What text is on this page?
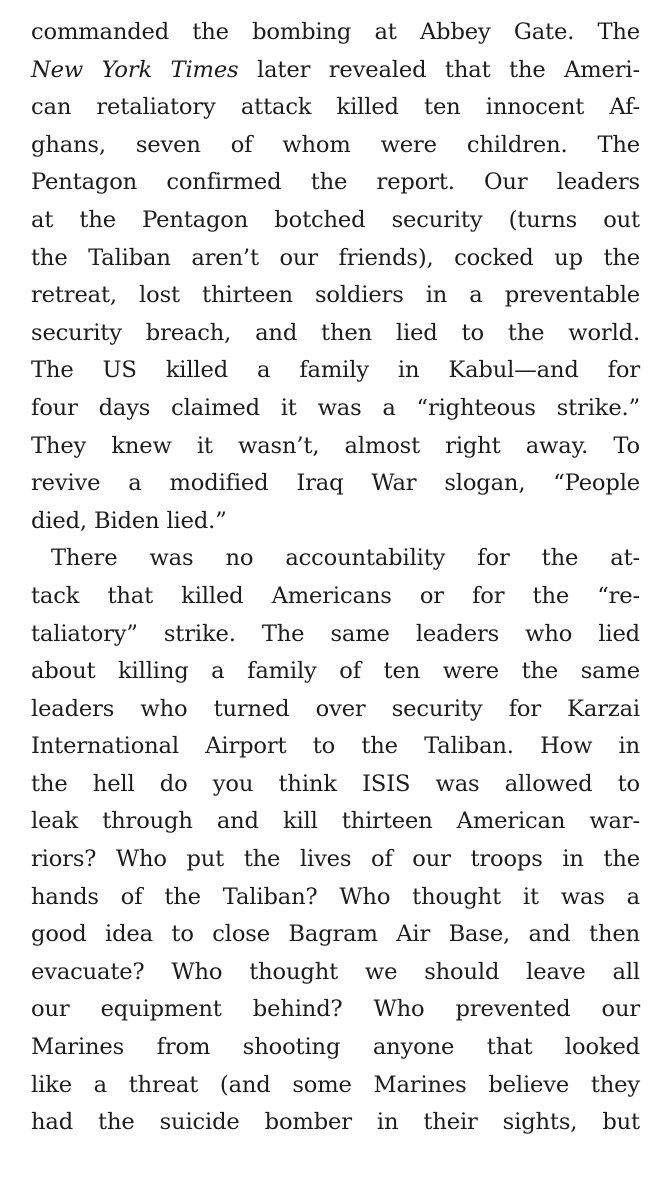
commanded the bombing at Abbey Gate. The
New York Times later revealed that the Ameri-
can retaliatory attack killed ten innocent Af-
ghans, seven of whom were children. The
Pentagon confirmed the report. Our leaders
at the Pentagon botched security (turns out
the Taliban aren’t our friends), cocked up the
retreat, lost thirteen soldiers in a preventable
security breach, and then lied to the world.
The US killed a family in Kabul—and for
four days claimed it was a “righteous strike.”
They knew it wasn’t, almost right away. To
revive a modified Iraq War slogan, “People
died, Biden lied.”
There was no accountability for the at-
tack that killed Americans or for the “re-
taliatory” strike. The same leaders who lied
about killing a family of ten were the same
leaders who turned over security for Karzai
International Airport to the Taliban. How in
the hell do you think ISIS was allowed to
leak through and kill thirteen American war-
riors? Who put the lives of our troops in the
hands of the Taliban? Who thought it was a
good idea to close Bagram Air Base, and then
evacuate? Who thought we should leave all
our equipment behind? Who prevented our
Marines from shooting anyone that looked
like a threat (and some Marines believe they
had the suicide bomber in their sights, but
